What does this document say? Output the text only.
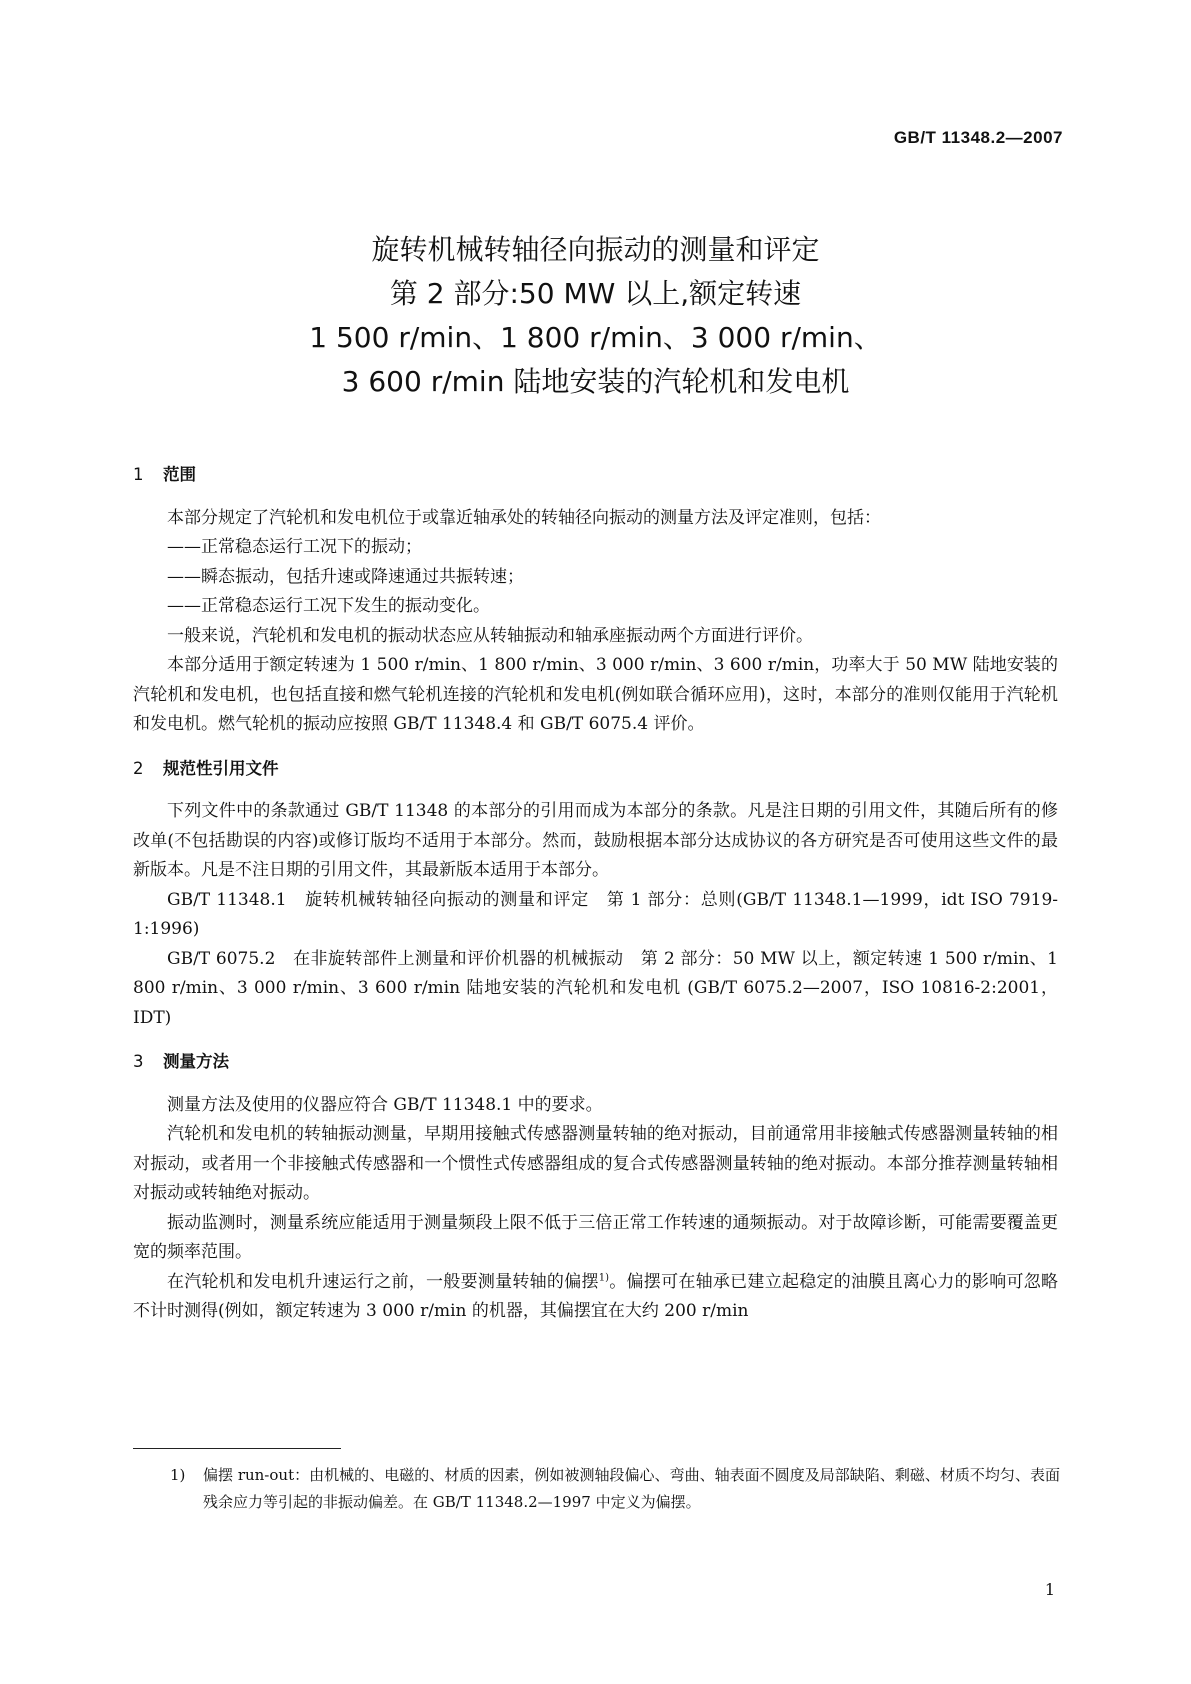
GB/T 11348.2—2007
旋转机械转轴径向振动的测量和评定
第 2 部分:50 MW 以上,额定转速
1 500 r/min、1 800 r/min、3 000 r/min、
3 600 r/min 陆地安装的汽轮机和发电机
1 范围

本部分规定了汽轮机和发电机位于或靠近轴承处的转轴径向振动的测量方法及评定准则，包括：

——正常稳态运行工况下的振动；

——瞬态振动，包括升速或降速通过共振转速；

——正常稳态运行工况下发生的振动变化。

一般来说，汽轮机和发电机的振动状态应从转轴振动和轴承座振动两个方面进行评价。

本部分适用于额定转速为 1 500 r/min、1 800 r/min、3 000 r/min、3 600 r/min，功率大于 50 MW 陆地安装的汽轮机和发电机，也包括直接和燃气轮机连接的汽轮机和发电机(例如联合循环应用)，这时，本部分的准则仅能用于汽轮机和发电机。燃气轮机的振动应按照 GB/T 11348.4 和 GB/T 6075.4 评价。

2 规范性引用文件

下列文件中的条款通过 GB/T 11348 的本部分的引用而成为本部分的条款。凡是注日期的引用文件，其随后所有的修改单(不包括勘误的内容)或修订版均不适用于本部分。然而，鼓励根据本部分达成协议的各方研究是否可使用这些文件的最新版本。凡是不注日期的引用文件，其最新版本适用于本部分。

GB/T 11348.1　旋转机械转轴径向振动的测量和评定　第 1 部分：总则(GB/T 11348.1—1999，idt ISO 7919-1:1996)

GB/T 6075.2　在非旋转部件上测量和评价机器的机械振动　第 2 部分：50 MW 以上，额定转速 1 500 r/min、1 800 r/min、3 000 r/min、3 600 r/min 陆地安装的汽轮机和发电机 (GB/T 6075.2—2007，ISO 10816-2:2001，IDT)

3 测量方法

测量方法及使用的仪器应符合 GB/T 11348.1 中的要求。

汽轮机和发电机的转轴振动测量，早期用接触式传感器测量转轴的绝对振动，目前通常用非接触式传感器测量转轴的相对振动，或者用一个非接触式传感器和一个惯性式传感器组成的复合式传感器测量转轴的绝对振动。本部分推荐测量转轴相对振动或转轴绝对振动。

振动监测时，测量系统应能适用于测量频段上限不低于三倍正常工作转速的通频振动。对于故障诊断，可能需要覆盖更宽的频率范围。

在汽轮机和发电机升速运行之前，一般要测量转轴的偏摆$^{1)}$。偏摆可在轴承已建立起稳定的油膜且离心力的影响可忽略不计时测得(例如，额定转速为 3 000 r/min 的机器，其偏摆宜在大约 200 r/min

1) 偏摆 run-out：由机械的、电磁的、材质的因素，例如被测轴段偏心、弯曲、轴表面不圆度及局部缺陷、剩磁、材质不均匀、表面残余应力等引起的非振动偏差。在 GB/T 11348.2—1997 中定义为偏摆。
1
